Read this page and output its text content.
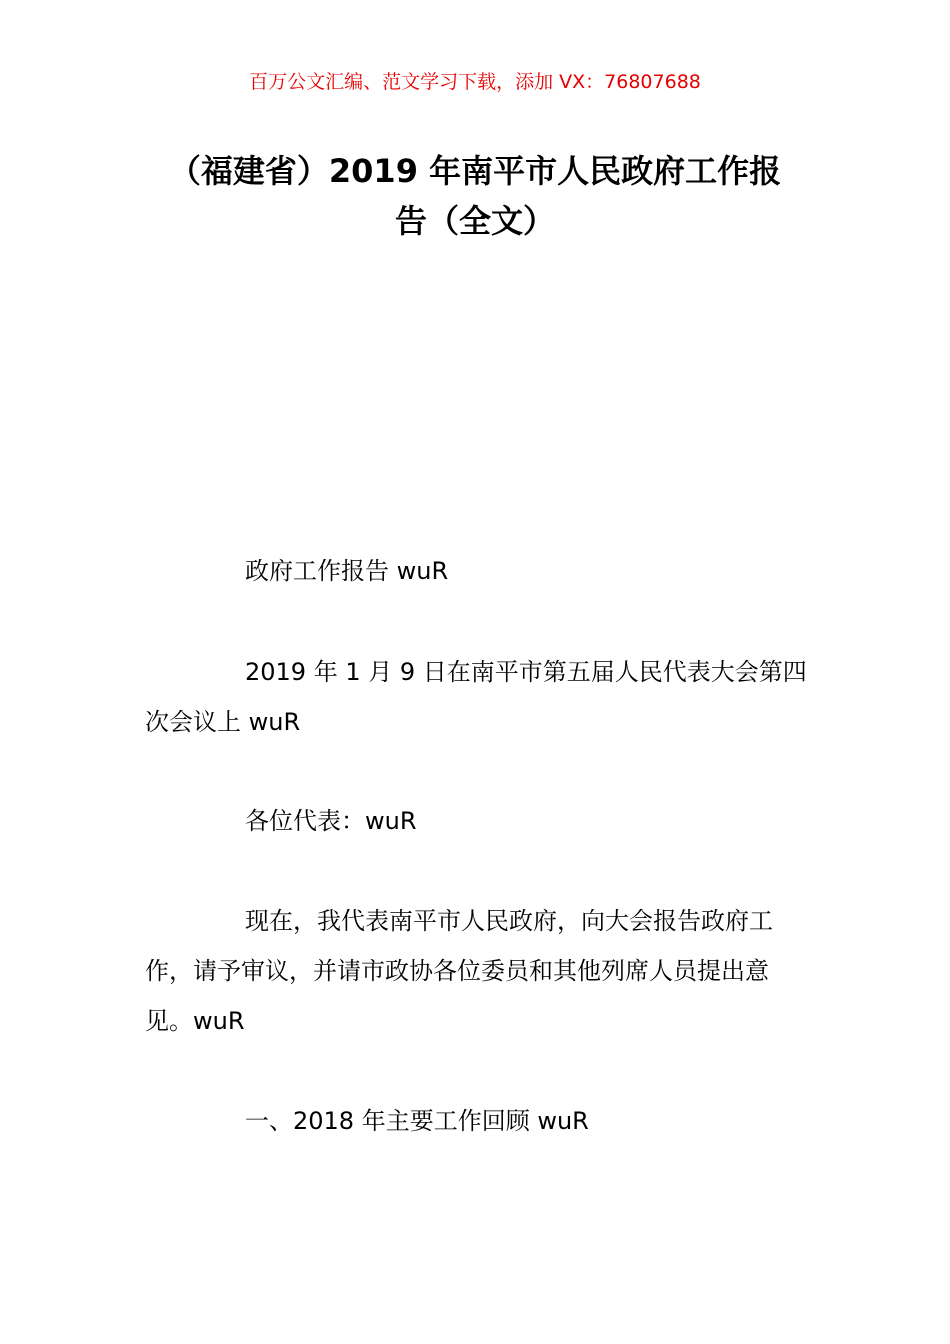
百万公文汇编、范文学习下载，添加 VX：76807688
（福建省）2019 年南平市人民政府工作报
告（全文）

政府工作报告 wuR

2019 年 1 月 9 日在南平市第五届人民代表大会第四次会议上 wuR

各位代表：wuR

现在，我代表南平市人民政府，向大会报告政府工作，请予审议，并请市政协各位委员和其他列席人员提出意见。wuR

一、2018 年主要工作回顾 wuR
